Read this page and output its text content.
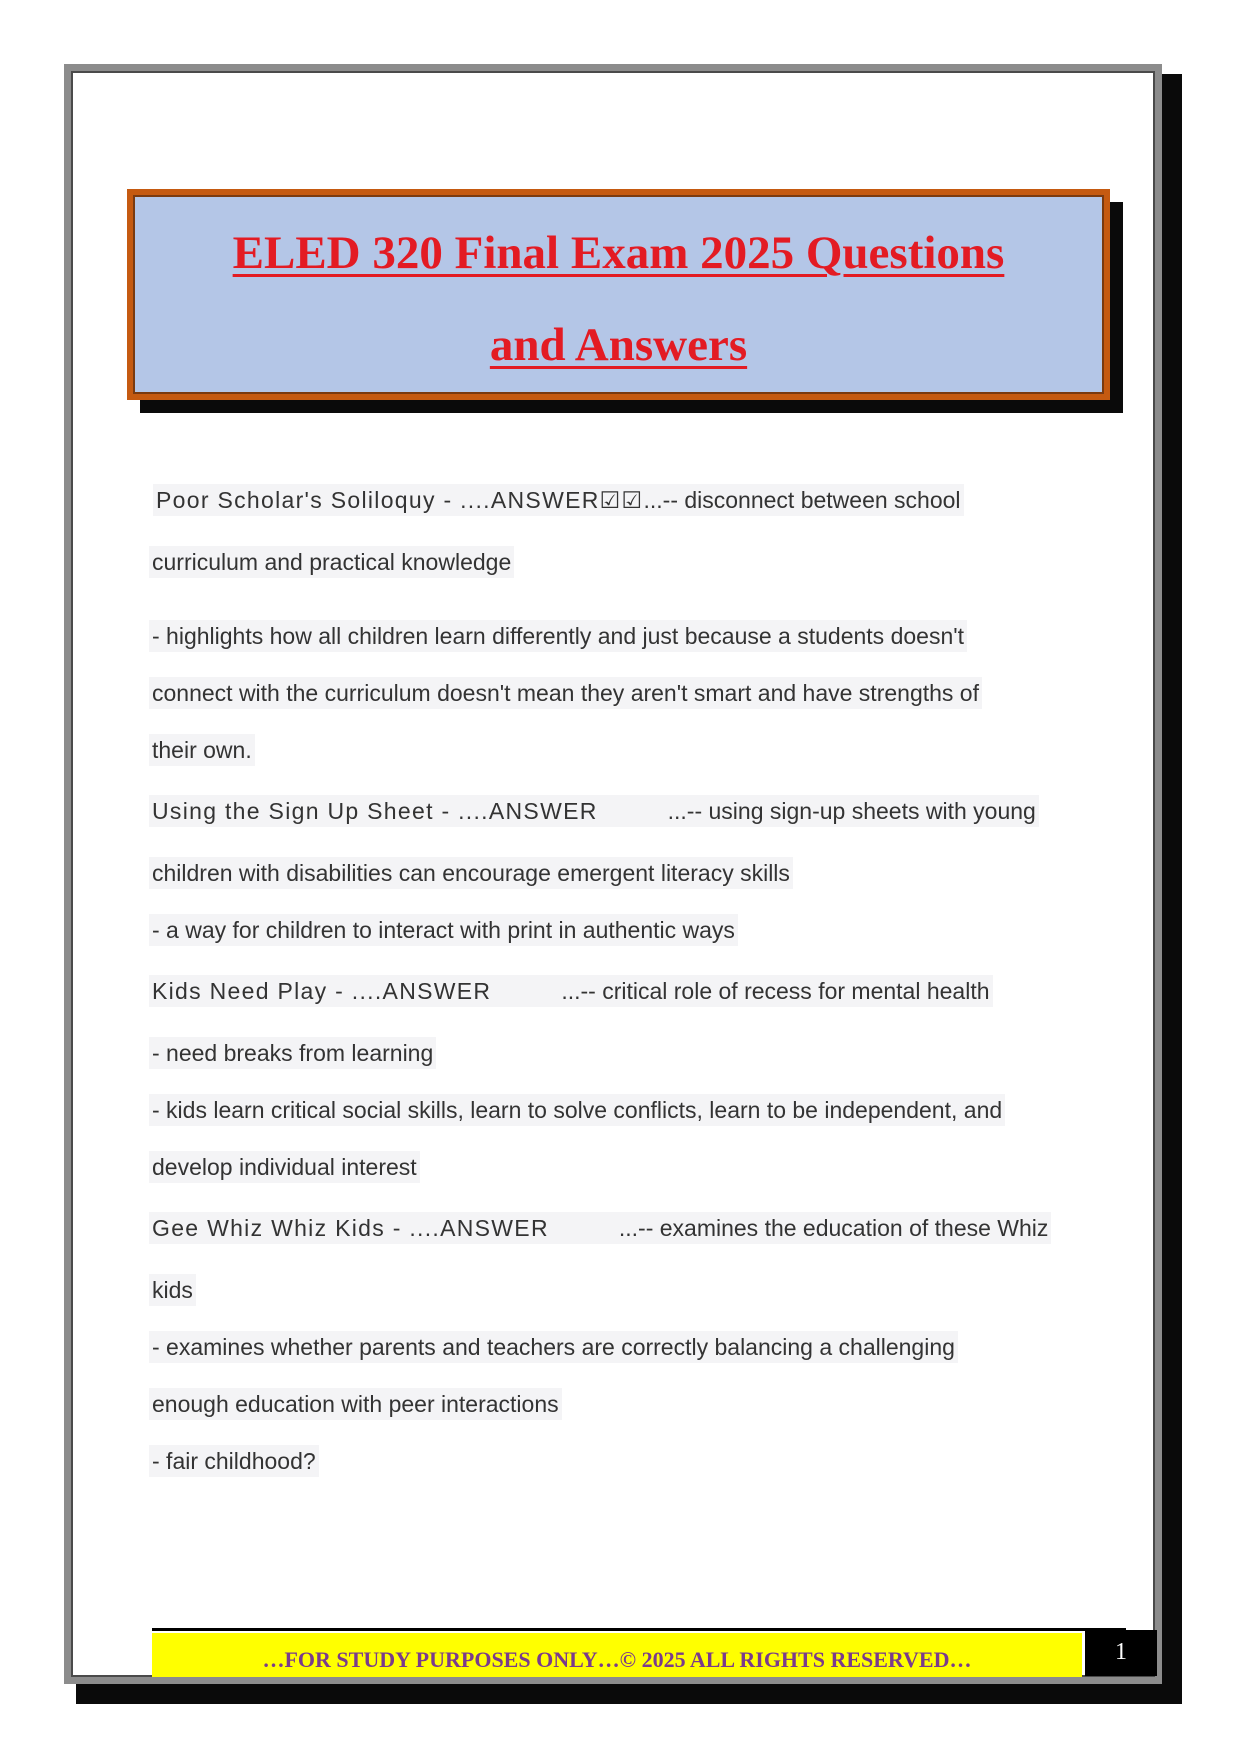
ELED 320 Final Exam 2025 Questions
and Answers

Poor Scholar's Soliloquy - ....ANSWER☑☑...-- disconnect between school
curriculum and practical knowledge
- highlights how all children learn differently and just because a students doesn't
connect with the curriculum doesn't mean they aren't smart and have strengths of
their own.
Using the Sign Up Sheet - ....ANSWER	...-- using sign-up sheets with young
children with disabilities can encourage emergent literacy skills
- a way for children to interact with print in authentic ways
Kids Need Play - ....ANSWER	...-- critical role of recess for mental health
- need breaks from learning
- kids learn critical social skills, learn to solve conflicts, learn to be independent, and
develop individual interest
Gee Whiz Whiz Kids - ....ANSWER	...-- examines the education of these Whiz
kids
- examines whether parents and teachers are correctly balancing a challenging
enough education with peer interactions
- fair childhood?
…FOR STUDY PURPOSES ONLY…© 2025 ALL RIGHTS RESERVED…	1
